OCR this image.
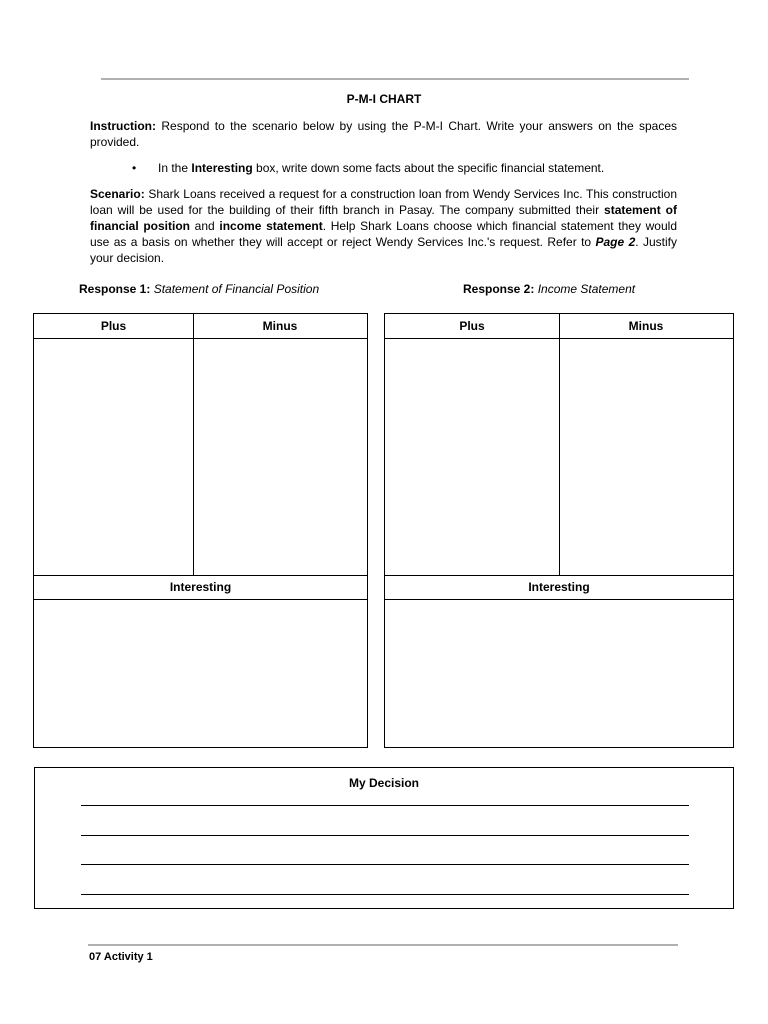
P-M-I CHART

Instruction: Respond to the scenario below by using the P-M-I Chart. Write your answers on the spaces provided.

• In the Interesting box, write down some facts about the specific financial statement.

Scenario: Shark Loans received a request for a construction loan from Wendy Services Inc. This construction loan will be used for the building of their fifth branch in Pasay. The company submitted their statement of financial position and income statement. Help Shark Loans choose which financial statement they would use as a basis on whether they will accept or reject Wendy Services Inc.'s request. Refer to Page 2. Justify your decision.

Response 1: Statement of Financial Position	Response 2: Income Statement
Plus	Minus
Interesting
Plus	Minus
Interesting
My Decision
07 Activity 1
